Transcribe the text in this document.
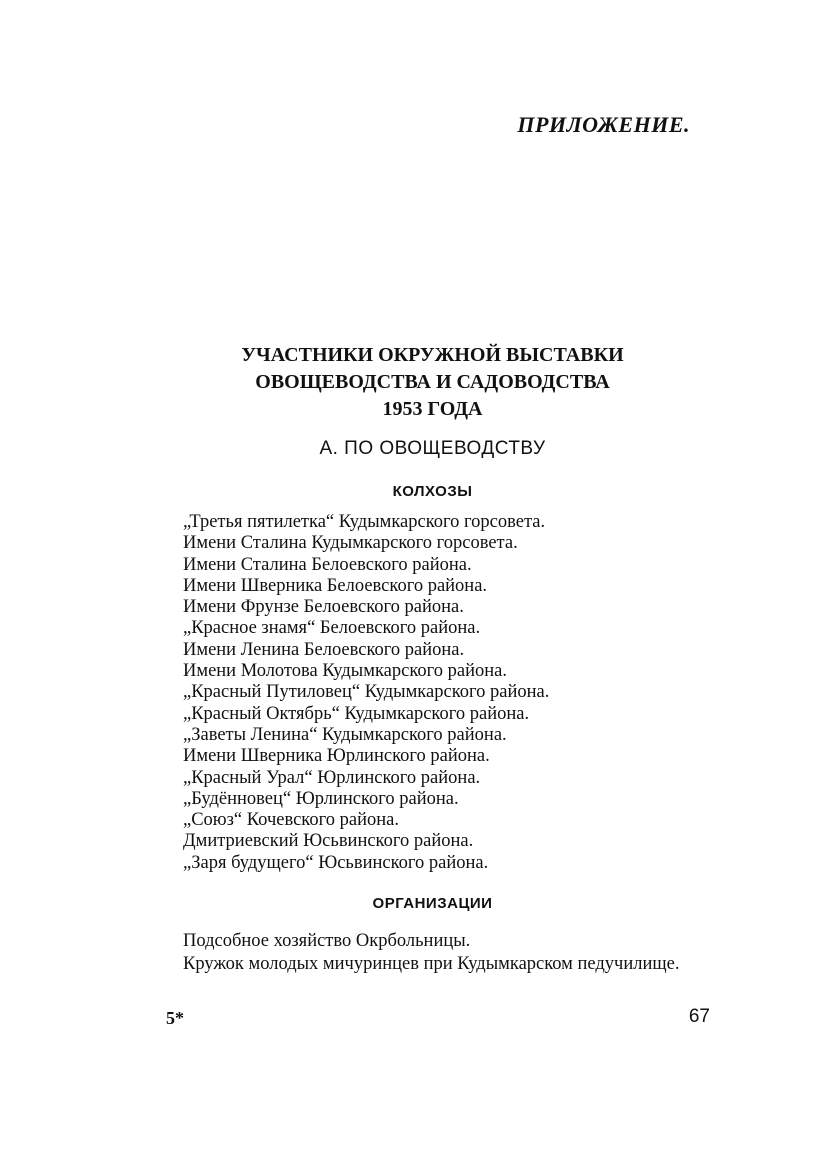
ПРИЛОЖЕНИЕ.
УЧАСТНИКИ ОКРУЖНОЙ ВЫСТАВКИ
ОВОЩЕВОДСТВА И САДОВОДСТВА
1953 ГОДА
А. ПО ОВОЩЕВОДСТВУ
КОЛХОЗЫ
„Третья пятилетка“ Кудымкарского горсовета.
Имени Сталина Кудымкарского горсовета.
Имени Сталина Белоевского района.
Имени Шверника Белоевского района.
Имени Фрунзе Белоевского района.
„Красное знамя“ Белоевского района.
Имени Ленина Белоевского района.
Имени Молотова Кудымкарского района.
„Красный Путиловец“ Кудымкарского района.
„Красный Октябрь“ Кудымкарского района.
„Заветы Ленина“ Кудымкарского района.
Имени Шверника Юрлинского района.
„Красный Урал“ Юрлинского района.
„Будённовец“ Юрлинского района.
„Союз“ Кочевского района.
Дмитриевский Юсьвинского района.
„Заря будущего“ Юсьвинского района.
ОРГАНИЗАЦИИ

Подсобное хозяйство Окрбольницы.

Кружок молодых мичуринцев при Кудымкарском педучилище.

5*	67
